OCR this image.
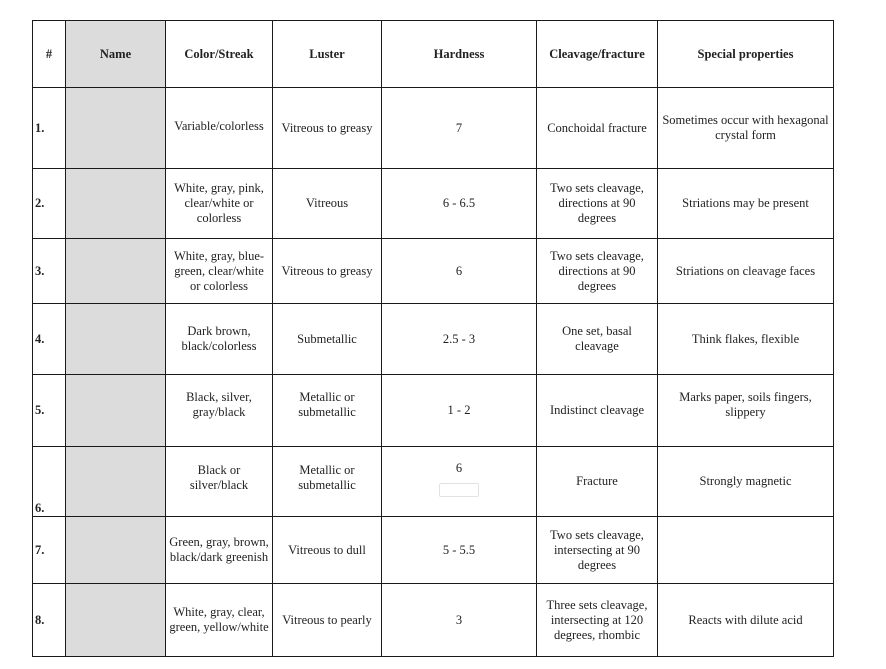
#	Name	Color/Streak	Luster	Hardness	Cleavage/fracture	Special properties
1.		Variable/colorless	Vitreous to greasy	7	Conchoidal fracture	Sometimes occur with hexagonal crystal form
2.		White, gray, pink, clear/white or colorless	Vitreous	6 - 6.5	Two sets cleavage, directions at 90 degrees	Striations may be present
3.		White, gray, blue-green, clear/white or colorless	Vitreous to greasy	6	Two sets cleavage, directions at 90 degrees	Striations on cleavage faces
4.		Dark brown, black/colorless	Submetallic	2.5 - 3	One set, basal cleavage	Think flakes, flexible
5.		Black, silver, gray/black	Metallic or submetallic	1 - 2	Indistinct cleavage	Marks paper, soils fingers, slippery
6.		Black or silver/black	Metallic or submetallic	6	Fracture	Strongly magnetic
7.		Green, gray, brown, black/dark greenish	Vitreous to dull	5 - 5.5	Two sets cleavage, intersecting at 90 degrees	
8.		White, gray, clear, green, yellow/white	Vitreous to pearly	3	Three sets cleavage, intersecting at 120 degrees, rhombic	Reacts with dilute acid
